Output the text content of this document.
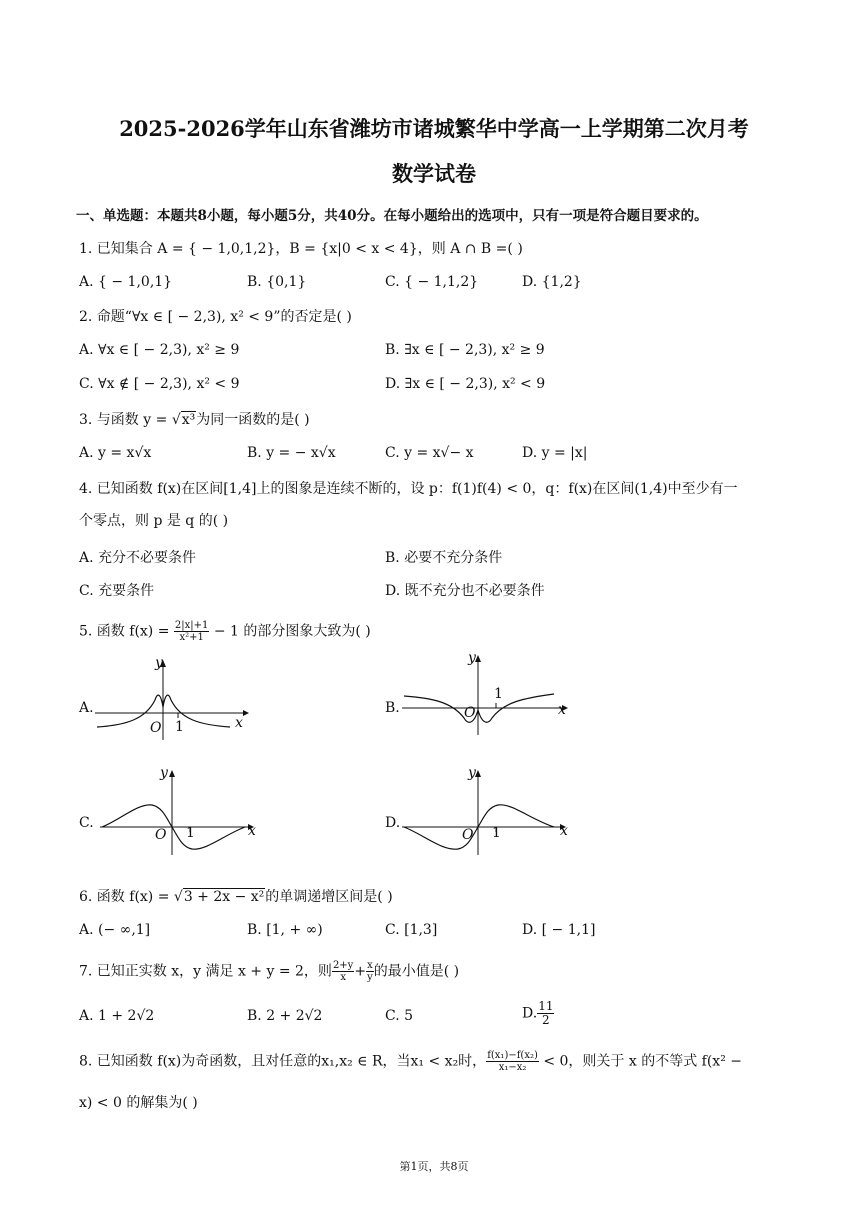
2025-2026学年山东省潍坊市诸城繁华中学高一上学期第二次月考
数学试卷
一、单选题：本题共8小题，每小题5分，共40分。在每小题给出的选项中，只有一项是符合题目要求的。
1. 已知集合 A = { − 1,0,1,2}，B = {x|0 < x < 4}，则 A ∩ B =( )
A. { − 1,0,1}	B. {0,1}	C. { − 1,1,2}	D. {1,2}
2. 命题“∀x ∈ [ − 2,3), x² < 9”的否定是( )
A. ∀x ∈ [ − 2,3), x² ≥ 9	B. ∃x ∈ [ − 2,3), x² ≥ 9
C. ∀x ∉ [ − 2,3), x² < 9	D. ∃x ∈ [ − 2,3), x² < 9
3. 与函数 y = √x³为同一函数的是( )
A. y = x√x	B. y = − x√x	C. y = x√− x	D. y = |x|
4. 已知函数 f(x)在区间[1,4]上的图象是连续不断的，设 p：f(1)f(4) < 0，q：f(x)在区间(1,4)中至少有一
个零点，则 p 是 q 的( )
A. 充分不必要条件	B. 必要不充分条件
C. 充要条件	D. 既不充分也不必要条件
5. 函数 $f(x) = \frac{2|x|+1}{\text{x²+1}} - 1$ 的部分图象大致为( )
A.
y
x
O 1
B.
y
x
O
1
C.
y
x
O 1
D.
y
x
O 1
6. 函数 f(x) = √3 + 2x − x²的单调递增区间是( )
A. (− ∞,1]	B. [1, + ∞)	C. [1,3]	D. [ − 1,1]
7. 已知正实数 x，y 满足 x + y = 2，则 $\frac{2+y}{x} + \frac{x}{y}$ 的最小值是( )
A. 1 + 2√2	B. 2 + 2√2	C. 5	D. $\frac{11}{2}$
8. 已知函数 f(x)为奇函数，且对任意的x₁,x₂ ∈ R，当x₁ < x₂时， $\frac{\text{f(x₁)−f(x₂)}}{\text{x₁−x₂}} < 0$，则关于 x 的不等式 f(x² −
x) < 0 的解集为( )
第1页，共8页
